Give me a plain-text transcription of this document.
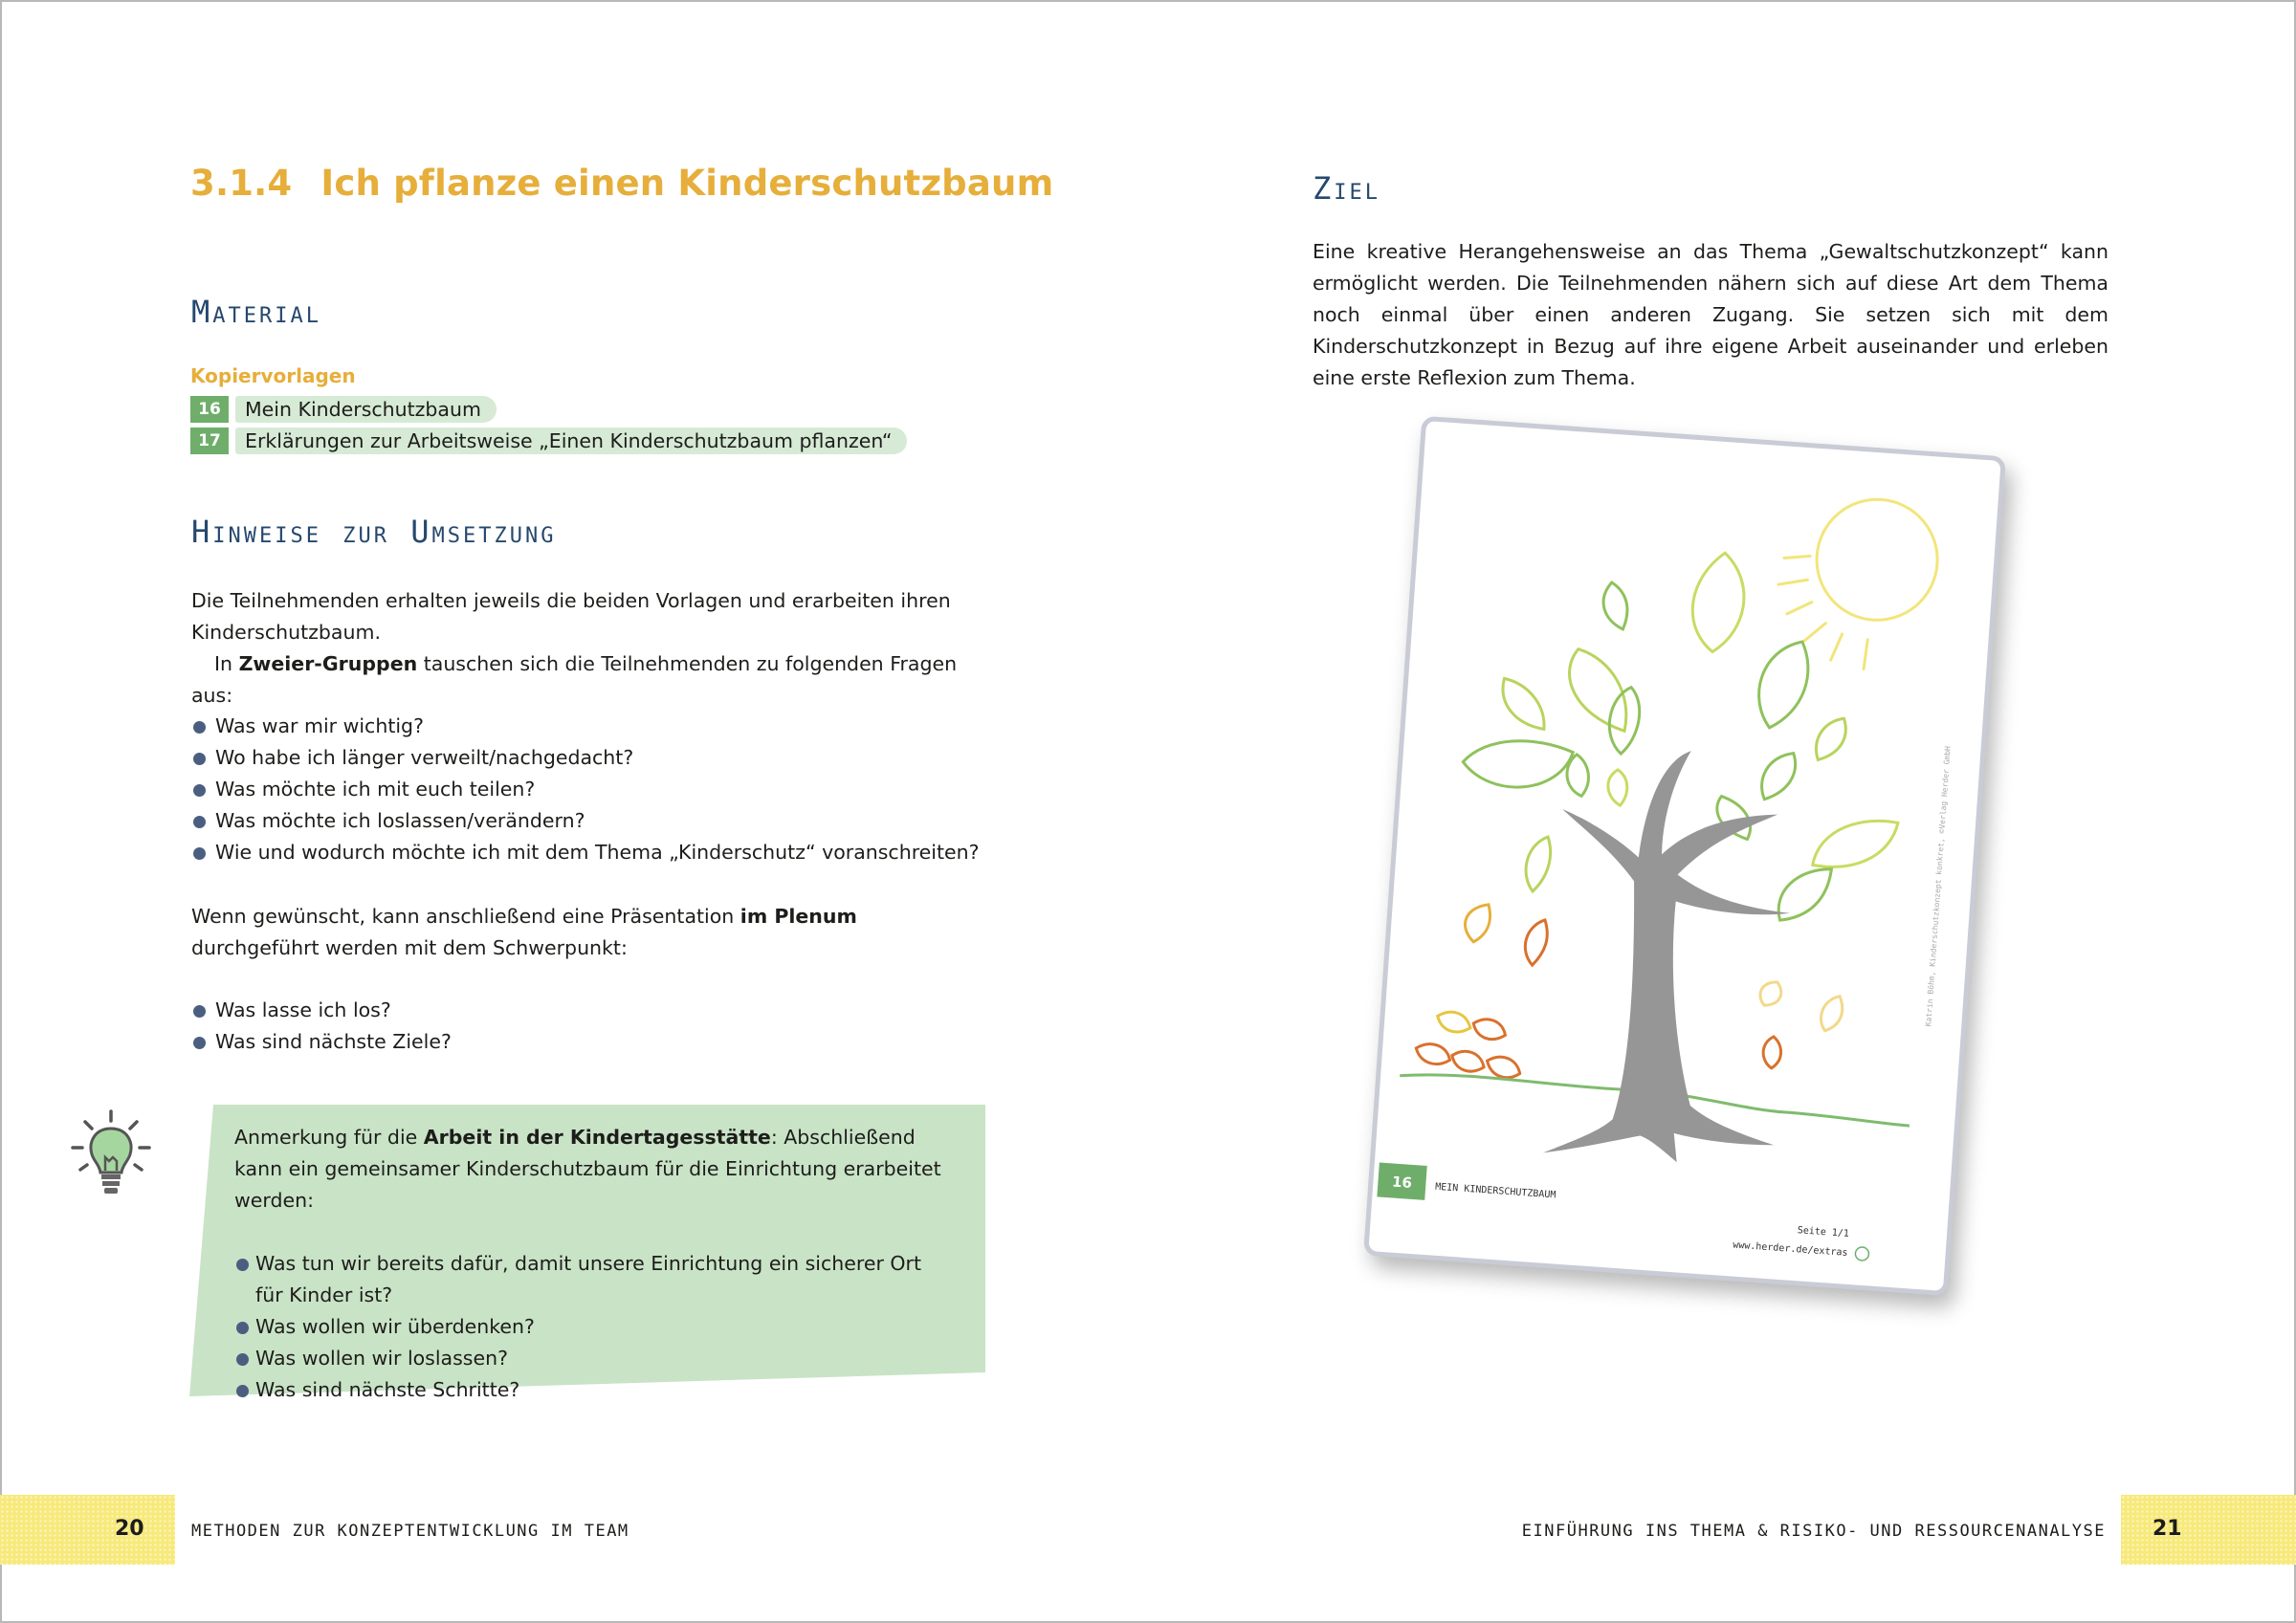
3.1.4 Ich pflanze einen Kinderschutzbaum
Material
Kopiervorlagen
16	Mein Kinderschutzbaum
17	Erklärungen zur Arbeitsweise „Einen Kinderschutzbaum pflanzen“
Hinweise zur Umsetzung

Die Teilnehmenden erhalten jeweils die beiden Vorlagen und erarbeiten ihren Kinderschutzbaum.

In Zweier-Gruppen tauschen sich die Teilnehmenden zu folgenden Fragen aus:

Was war mir wichtig?
Wo habe ich länger verweilt/nachgedacht?
Was möchte ich mit euch teilen?
Was möchte ich loslassen/verändern?
Wie und wodurch möchte ich mit dem Thema „Kinderschutz“ voranschreiten?

Wenn gewünscht, kann anschließend eine Präsentation im Plenum durchgeführt werden mit dem Schwerpunkt:

Was lasse ich los?
Was sind nächste Ziele?

Anmerkung für die Arbeit in der Kindertagesstätte: Abschließend kann ein gemeinsamer Kinderschutzbaum für die Einrichtung erarbeitet werden:

Was tun wir bereits dafür, damit unsere Einrichtung ein sicherer Ort für Kinder ist?
Was wollen wir überdenken?
Was wollen wir loslassen?
Was sind nächste Schritte?
20	METHODEN ZUR KONZEPTENTWICKLUNG IM TEAM
Ziel
Eine kreative Herangehensweise an das Thema „Gewaltschutzkonzept“ kann ermöglicht werden. Die Teilnehmenden nähern sich auf diese Art dem Thema noch einmal über einen anderen Zugang. Sie setzen sich mit dem Kinderschutzkonzept in Bezug auf ihre eigene Arbeit auseinander und erleben eine erste Reflexion zum Thema.
16 MEIN KINDERSCHUTZBAUM
Seite 1/1
www.herder.de/extras
Katrin Böhm, Kinderschutzkonzept konkret, ©Verlag Herder GmbH
21
EINFÜHRUNG INS THEMA & RISIKO- UND RESSOURCENANALYSE
